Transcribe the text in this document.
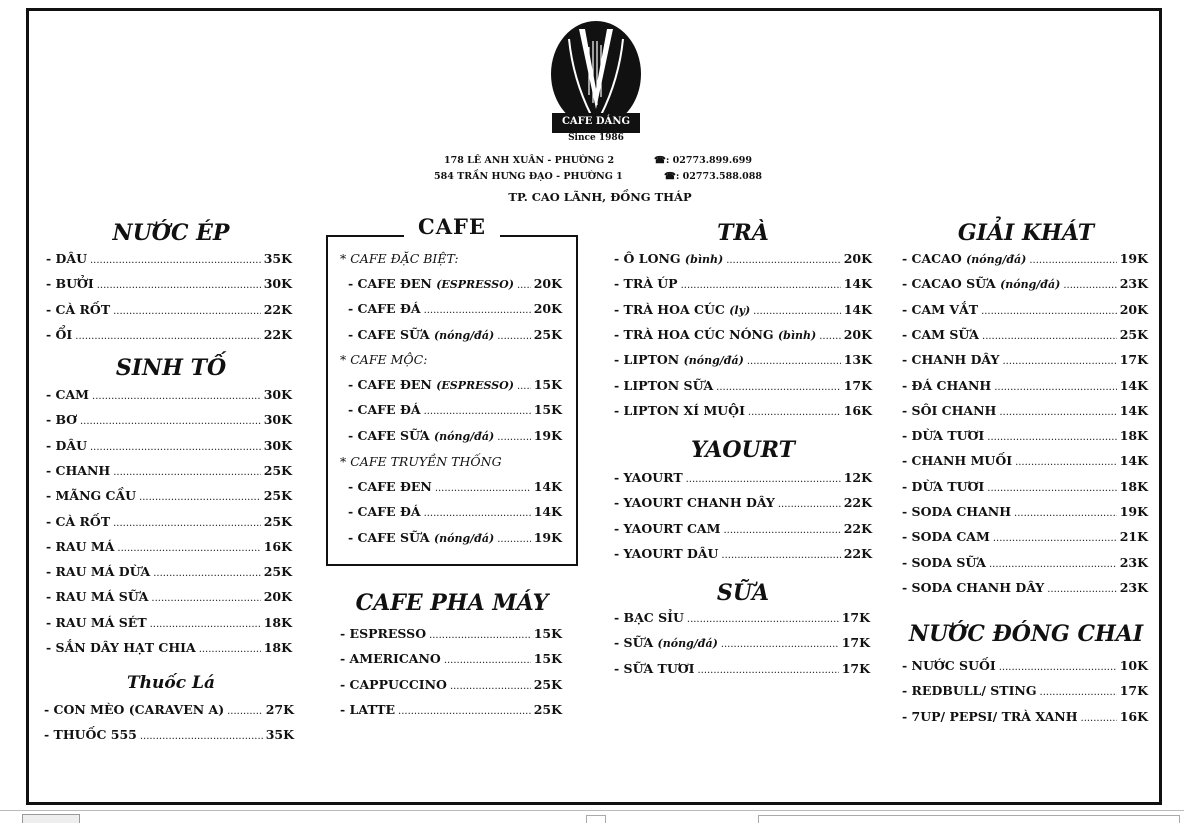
CAFE DÁNG
Since 1986
178 LÊ ANH XUÂN - PHƯỜNG 2	☎: 02773.899.699
584 TRẦN HƯNG ĐẠO - PHƯỜNG 1	☎: 02773.588.088
TP. CAO LÃNH, ĐỒNG THÁP
NƯỚC ÉP
- DÂU .....	35K
- BƯỞI .....	30K
- CÀ RỐT .....	22K
- ỔI .....	22K
SINH TỐ
- CAM .....	30K
- BƠ .....	30K
- DÂU .....	30K
- CHANH .....	25K
- MÃNG CẦU .....	25K
- CÀ RỐT .....	25K
- RAU MÁ .....	16K
- RAU MÁ DỪA .....	25K
- RAU MÁ SỮA .....	20K
- RAU MÁ SÉT .....	18K
- SẮN DÂY HẠT CHIA .....	18K
Thuốc Lá
- CON MÈO (CARAVEN A) .....	27K
- THUỐC 555 .....	35K
CAFE
* CAFE ĐẶC BIỆT:
- CAFE ĐEN (ESPRESSO) ..... 20K
- CAFE ĐÁ .....	20K
- CAFE SỮA (nóng/đá) .....	25K
* CAFE MỘC:
- CAFE ĐEN (ESPRESSO) ..... 15K
- CAFE ĐÁ .....	15K
- CAFE SỮA (nóng/đá) .....	19K
* CAFE TRUYỀN THỐNG
- CAFE ĐEN .....	14K
- CAFE ĐÁ .....	14K
- CAFE SỮA (nóng/đá) .....	19K
CAFE PHA MÁY
- ESPRESSO .....	15K
- AMERICANO .....	15K
- CAPPUCCINO .....	25K
- LATTE .....	25K
TRÀ
- Ô LONG (bình) .....	20K
- TRÀ ÚP .....	14K
- TRÀ HOA CÚC (ly) .....	14K
- TRÀ HOA CÚC NÓNG (bình) ..... 20K
- LIPTON (nóng/đá) .....	13K
- LIPTON SỮA .....	17K
- LIPTON XÍ MUỘI .....	16K
YAOURT
- YAOURT .....	12K
- YAOURT CHANH DÂY .....	22K
- YAOURT CAM .....	22K
- YAOURT DÂU .....	22K
SỮA
- BẠC SỈU .....	17K
- SỮA (nóng/đá) .....	17K
- SỮA TƯƠI .....	17K
GIẢI KHÁT
- CACAO (nóng/đá) .....	19K
- CACAO SỮA (nóng/đá) .....	23K
- CAM VẮT .....	20K
- CAM SỮA .....	25K
- CHANH DÂY .....	17K
- ĐÁ CHANH .....	14K
- SÔI CHANH .....	14K
- DỪA TƯƠI .....	18K
- CHANH MUỐI .....	14K
- DỪA TƯƠI .....	18K
- SODA CHANH .....	19K
- SODA CAM .....	21K
- SODA SỮA .....	23K
- SODA CHANH DÂY .....	23K
NƯỚC ĐÓNG CHAI
- NƯỚC SUỐI .....	10K
- REDBULL/ STING .....	17K
- 7UP/ PEPSI/ TRÀ XANH .....	16K
